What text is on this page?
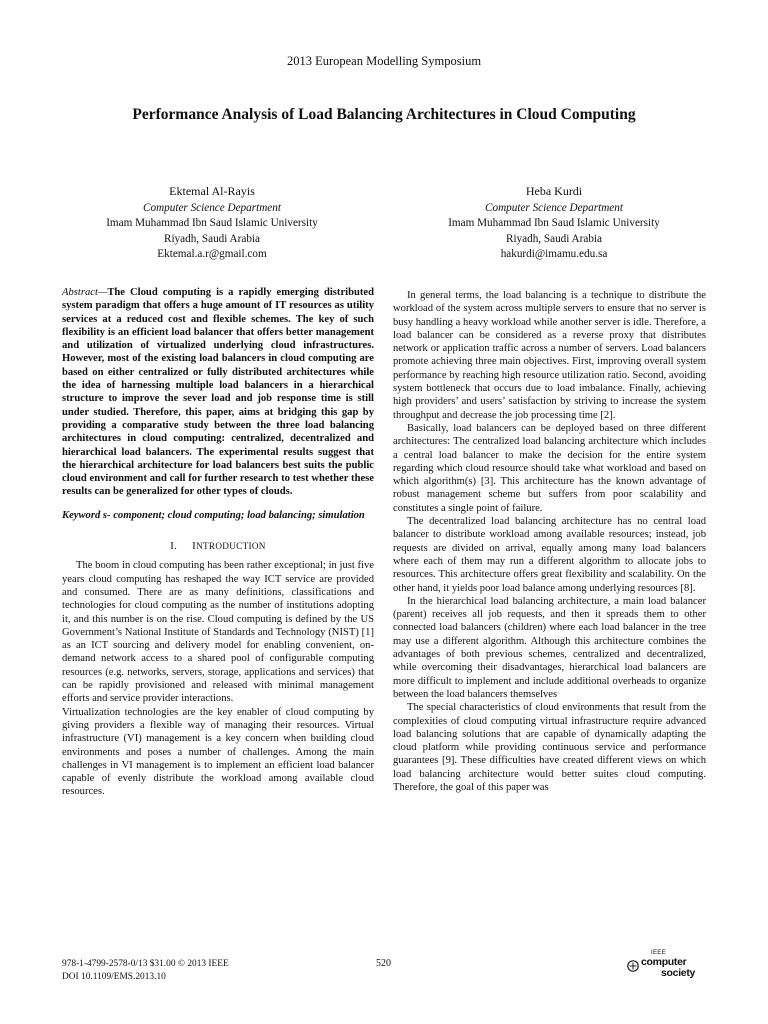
2013 European Modelling Symposium
Performance Analysis of Load Balancing Architectures in Cloud Computing
Ektemal Al-Rayis
Computer Science Department
Imam Muhammad Ibn Saud Islamic University
Riyadh, Saudi Arabia
Ektemal.a.r@gmail.com
Heba Kurdi
Computer Science Department
Imam Muhammad Ibn Saud Islamic University
Riyadh, Saudi Arabia
hakurdi@imamu.edu.sa

Abstract—The Cloud computing is a rapidly emerging distributed system paradigm that offers a huge amount of IT resources as utility services at a reduced cost and flexible schemes. The key of such flexibility is an efficient load balancer that offers better management and utilization of virtualized underlying cloud infrastructures. However, most of the existing load balancers in cloud computing are based on either centralized or fully distributed architectures while the idea of harnessing multiple load balancers in a hierarchical structure to improve the sever load and job response time is still under studied. Therefore, this paper, aims at bridging this gap by providing a comparative study between the three load balancing architectures in cloud computing: centralized, decentralized and hierarchical load balancers. The experimental results suggest that the hierarchical architecture for load balancers best suits the public cloud environment and call for further research to test whether these results can be generalized for other types of clouds.

Keyword s- component; cloud computing; load balancing; simulation

I. INTRODUCTION

The boom in cloud computing has been rather exceptional; in just five years cloud computing has reshaped the way ICT service are provided and consumed. There are as many definitions, classifications and technologies for cloud computing as the number of institutions adopting it, and this number is on the rise. Cloud computing is defined by the US Government’s National Institute of Standards and Technology (NIST) [1] as an ICT sourcing and delivery model for enabling convenient, on-demand network access to a shared pool of configurable computing resources (e.g. networks, servers, storage, applications and services) that can be rapidly provisioned and released with minimal management efforts and service provider interactions.

Virtualization technologies are the key enabler of cloud computing by giving providers a flexible way of managing their resources. Virtual infrastructure (VI) management is a key concern when building cloud environments and poses a number of challenges. Among the main challenges in VI management is to implement an efficient load balancer capable of evenly distribute the workload among available cloud resources.

In general terms, the load balancing is a technique to distribute the workload of the system across multiple servers to ensure that no server is busy handling a heavy workload while another server is idle. Therefore, a load balancer can be considered as a reverse proxy that distributes network or application traffic across a number of servers. Load balancers promote achieving three main objectives. First, improving overall system performance by reaching high resource utilization ratio. Second, avoiding system bottleneck that occurs due to load imbalance. Finally, achieving high providers’ and users’ satisfaction by striving to increase the system throughput and decrease the job processing time [2].

Basically, load balancers can be deployed based on three different architectures: The centralized load balancing architecture which includes a central load balancer to make the decision for the entire system regarding which cloud resource should take what workload and based on which algorithm(s) [3]. This architecture has the known advantage of robust management scheme but suffers from poor scalability and constitutes a single point of failure.

The decentralized load balancing architecture has no central load balancer to distribute workload among available resources; instead, job requests are divided on arrival, equally among many load balancers where each of them may run a different algorithm to allocate jobs to resources. This architecture offers great flexibility and scalability. On the other hand, it yields poor load balance among underlying resources [8].

In the hierarchical load balancing architecture, a main load balancer (parent) receives all job requests, and then it spreads them to other connected load balancers (children) where each load balancer in the tree may use a different algorithm. Although this architecture combines the advantages of both previous schemes, centralized and decentralized, while overcoming their disadvantages, hierarchical load balancers are more difficult to implement and include additional overheads to organize between the load balancers themselves

The special characteristics of cloud environments that result from the complexities of cloud computing virtual infrastructure require advanced load balancing solutions that are capable of dynamically adapting the cloud platform while providing continuous service and performance guarantees [9]. These difficulties have created different views on which load balancing architecture would better suites cloud computing. Therefore, the goal of this paper was

978-1-4799-2578-0/13 $31.00 © 2013 IEEE
DOI 10.1109/EMS.2013.10
520
IEEE
computer
society
